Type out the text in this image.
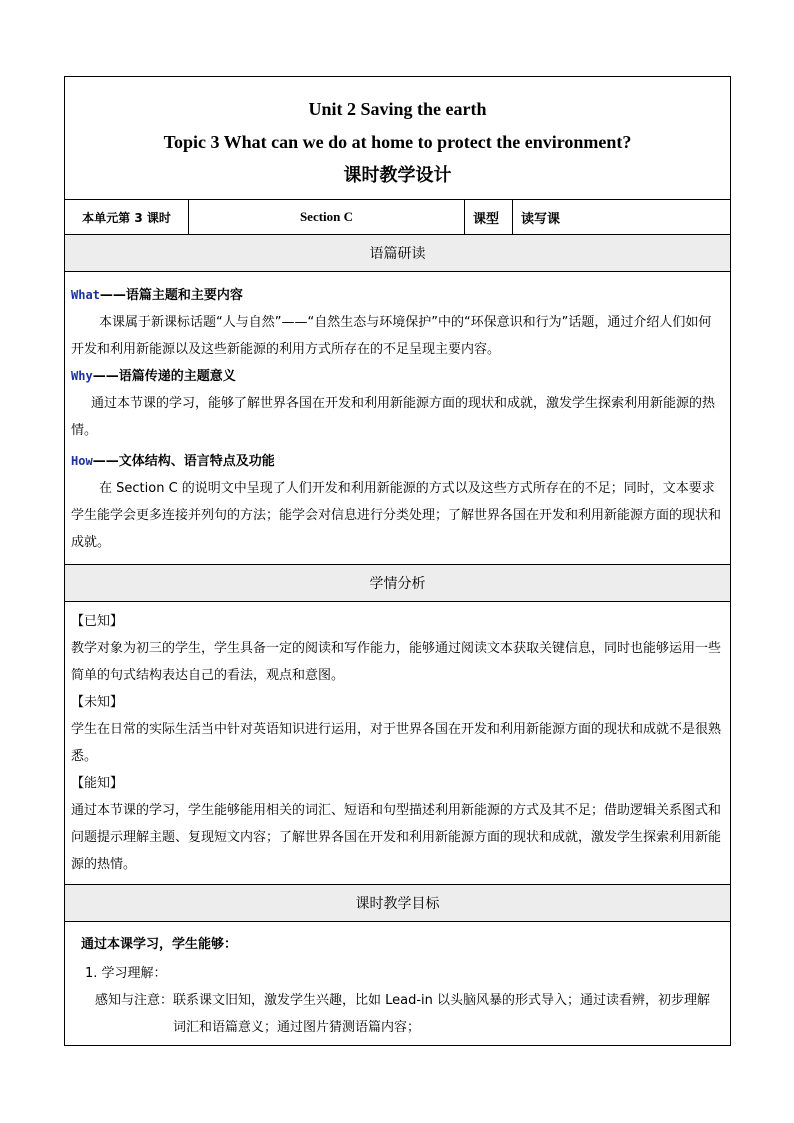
Unit 2 Saving the earth
Topic 3 What can we do at home to protect the environment?
课时教学设计

本单元第 3 课时	Section C	课型	读写课
语篇研读

What——语篇主题和主要内容

本课属于新课标话题“人与自然”——“自然生态与环境保护”中的“环保意识和行为”话题，通过介绍人们如何开发和利用新能源以及这些新能源的利用方式所存在的不足呈现主要内容。

Why——语篇传递的主题意义

通过本节课的学习，能够了解世界各国在开发和利用新能源方面的现状和成就，激发学生探索利用新能源的热情。

How——文体结构、语言特点及功能

在 Section C 的说明文中呈现了人们开发和利用新能源的方式以及这些方式所存在的不足；同时，文本要求学生能学会更多连接并列句的方法；能学会对信息进行分类处理；了解世界各国在开发和利用新能源方面的现状和成就。

学情分析

【已知】

教学对象为初三的学生，学生具备一定的阅读和写作能力，能够通过阅读文本获取关键信息，同时也能够运用一些简单的句式结构表达自己的看法，观点和意图。

【未知】

学生在日常的实际生活当中针对英语知识进行运用，对于世界各国在开发和利用新能源方面的现状和成就不是很熟悉。

【能知】

通过本节课的学习，学生能够能用相关的词汇、短语和句型描述利用新能源的方式及其不足；借助逻辑关系图式和问题提示理解主题、复现短文内容；了解世界各国在开发和利用新能源方面的现状和成就，激发学生探索利用新能源的热情。

课时教学目标

通过本课学习，学生能够：

1. 学习理解：

感知与注意： 联系课文旧知，激发学生兴趣，比如 Lead-in 以头脑风暴的形式导入；通过读看辨，初步理解词汇和语篇意义；通过图片猜测语篇内容；
